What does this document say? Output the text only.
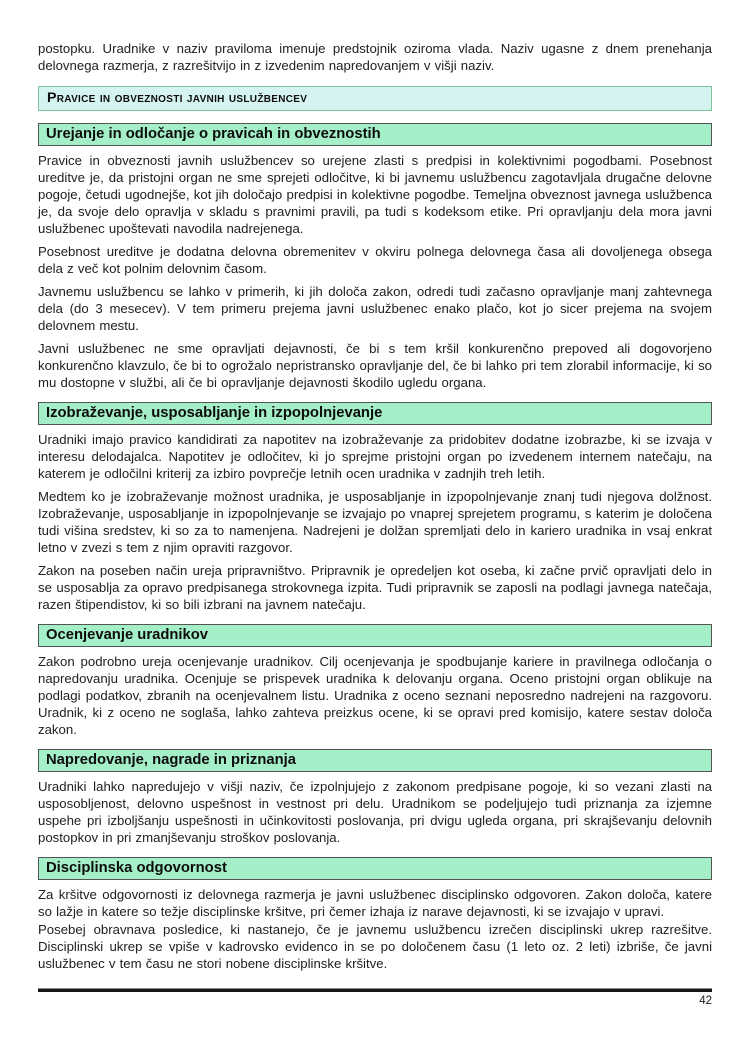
postopku. Uradnike v naziv praviloma imenuje predstojnik oziroma vlada. Naziv ugasne z dnem prenehanja delovnega razmerja, z razrešitvijo in z izvedenim napredovanjem v višji naziv.

Pravice in obveznosti javnih uslužbencev
Urejanje in odločanje o pravicah in obveznostih

Pravice in obveznosti javnih uslužbencev so urejene zlasti s predpisi in kolektivnimi pogodbami. Posebnost ureditve je, da pristojni organ ne sme sprejeti odločitve, ki bi javnemu uslužbencu zagotavljala drugačne delovne pogoje, četudi ugodnejše, kot jih določajo predpisi in kolektivne pogodbe. Temeljna obveznost javnega uslužbenca je, da svoje delo opravlja v skladu s pravnimi pravili, pa tudi s kodeksom etike. Pri opravljanju dela mora javni uslužbenec upoštevati navodila nadrejenega.

Posebnost ureditve je dodatna delovna obremenitev v okviru polnega delovnega časa ali dovoljenega obsega dela z več kot polnim delovnim časom.

Javnemu uslužbencu se lahko v primerih, ki jih določa zakon, odredi tudi začasno opravljanje manj zahtevnega dela (do 3 mesecev). V tem primeru prejema javni uslužbenec enako plačo, kot jo sicer prejema na svojem delovnem mestu.

Javni uslužbenec ne sme opravljati dejavnosti, če bi s tem kršil konkurenčno prepoved ali dogovorjeno konkurenčno klavzulo, če bi to ogrožalo nepristransko opravljanje del, če bi lahko pri tem zlorabil informacije, ki so mu dostopne v službi, ali če bi opravljanje dejavnosti škodilo ugledu organa.

Izobraževanje, usposabljanje in izpopolnjevanje

Uradniki imajo pravico kandidirati za napotitev na izobraževanje za pridobitev dodatne izobrazbe, ki se izvaja v interesu delodajalca. Napotitev je odločitev, ki jo sprejme pristojni organ po izvedenem internem natečaju, na katerem je odločilni kriterij za izbiro povprečje letnih ocen uradnika v zadnjih treh letih.

Medtem ko je izobraževanje možnost uradnika, je usposabljanje in izpopolnjevanje znanj tudi njegova dolžnost. Izobraževanje, usposabljanje in izpopolnjevanje se izvajajo po vnaprej sprejetem programu, s katerim je določena tudi višina sredstev, ki so za to namenjena. Nadrejeni je dolžan spremljati delo in kariero uradnika in vsaj enkrat letno v zvezi s tem z njim opraviti razgovor.

Zakon na poseben način ureja pripravništvo. Pripravnik je opredeljen kot oseba, ki začne prvič opravljati delo in se usposablja za opravo predpisanega strokovnega izpita. Tudi pripravnik se zaposli na podlagi javnega natečaja, razen štipendistov, ki so bili izbrani na javnem natečaju.

Ocenjevanje uradnikov

Zakon podrobno ureja ocenjevanje uradnikov. Cilj ocenjevanja je spodbujanje kariere in pravilnega odločanja o napredovanju uradnika. Ocenjuje se prispevek uradnika k delovanju organa. Oceno pristojni organ oblikuje na podlagi podatkov, zbranih na ocenjevalnem listu. Uradnika z oceno seznani neposredno nadrejeni na razgovoru. Uradnik, ki z oceno ne soglaša, lahko zahteva preizkus ocene, ki se opravi pred komisijo, katere sestav določa zakon.

Napredovanje, nagrade in priznanja

Uradniki lahko napredujejo v višji naziv, če izpolnjujejo z zakonom predpisane pogoje, ki so vezani zlasti na usposobljenost, delovno uspešnost in vestnost pri delu. Uradnikom se podeljujejo tudi priznanja za izjemne uspehe pri izboljšanju uspešnosti in učinkovitosti poslovanja, pri dvigu ugleda organa, pri skrajševanju delovnih postopkov in pri zmanjševanju stroškov poslovanja.

Disciplinska odgovornost

Za kršitve odgovornosti iz delovnega razmerja je javni uslužbenec disciplinsko odgovoren. Zakon določa, katere so lažje in katere so težje disciplinske kršitve, pri čemer izhaja iz narave dejavnosti, ki se izvajajo v upravi.

Posebej obravnava posledice, ki nastanejo, če je javnemu uslužbencu izrečen disciplinski ukrep razrešitve. Disciplinski ukrep se vpiše v kadrovsko evidenco in se po določenem času (1 leto oz. 2 leti) izbriše, če javni uslužbenec v tem času ne stori nobene disciplinske kršitve.

42
